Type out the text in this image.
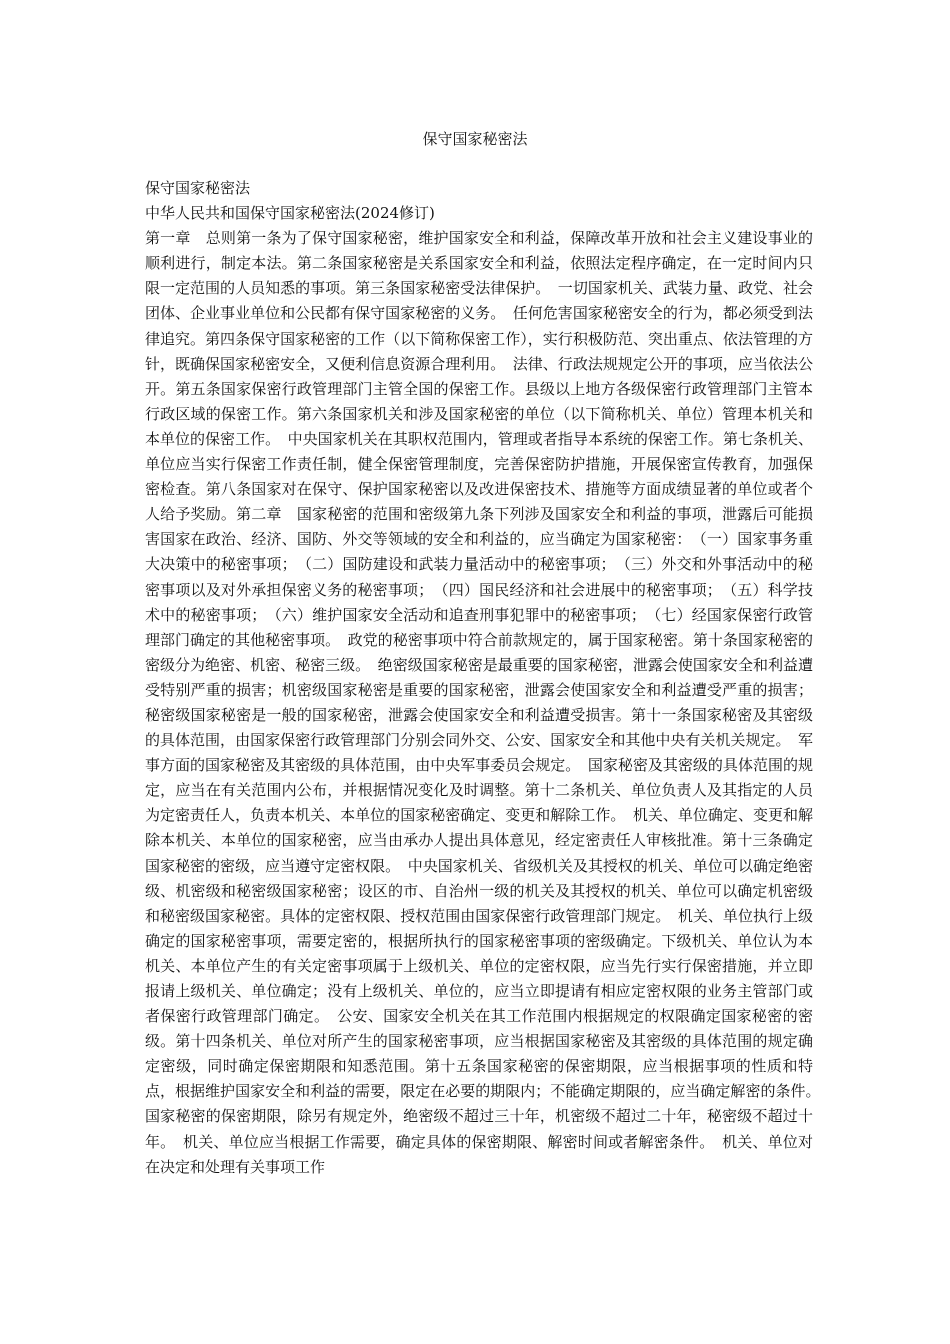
保守国家秘密法

保守国家秘密法

中华人民共和国保守国家秘密法(2024修订)

第一章　总则第一条为了保守国家秘密，维护国家安全和利益，保障改革开放和社会主义建设事业的顺利进行，制定本法。第二条国家秘密是关系国家安全和利益，依照法定程序确定，在一定时间内只限一定范围的人员知悉的事项。第三条国家秘密受法律保护。　一切国家机关、武装力量、政党、社会团体、企业事业单位和公民都有保守国家秘密的义务。　任何危害国家秘密安全的行为，都必须受到法律追究。第四条保守国家秘密的工作（以下简称保密工作），实行积极防范、突出重点、依法管理的方针，既确保国家秘密安全，又便利信息资源合理利用。　法律、行政法规规定公开的事项，应当依法公开。第五条国家保密行政管理部门主管全国的保密工作。县级以上地方各级保密行政管理部门主管本行政区域的保密工作。第六条国家机关和涉及国家秘密的单位（以下简称机关、单位）管理本机关和本单位的保密工作。　中央国家机关在其职权范围内，管理或者指导本系统的保密工作。第七条机关、单位应当实行保密工作责任制，健全保密管理制度，完善保密防护措施，开展保密宣传教育，加强保密检查。第八条国家对在保守、保护国家秘密以及改进保密技术、措施等方面成绩显著的单位或者个人给予奖励。第二章　国家秘密的范围和密级第九条下列涉及国家安全和利益的事项，泄露后可能损害国家在政治、经济、国防、外交等领域的安全和利益的，应当确定为国家秘密：　（一）国家事务重大决策中的秘密事项；　（二）国防建设和武装力量活动中的秘密事项；　（三）外交和外事活动中的秘密事项以及对外承担保密义务的秘密事项；　（四）国民经济和社会进展中的秘密事项；　（五）科学技术中的秘密事项；　（六）维护国家安全活动和追查刑事犯罪中的秘密事项；　（七）经国家保密行政管理部门确定的其他秘密事项。　政党的秘密事项中符合前款规定的，属于国家秘密。第十条国家秘密的密级分为绝密、机密、秘密三级。　绝密级国家秘密是最重要的国家秘密，泄露会使国家安全和利益遭受特别严重的损害；机密级国家秘密是重要的国家秘密，泄露会使国家安全和利益遭受严重的损害；秘密级国家秘密是一般的国家秘密，泄露会使国家安全和利益遭受损害。第十一条国家秘密及其密级的具体范围，由国家保密行政管理部门分别会同外交、公安、国家安全和其他中央有关机关规定。　军事方面的国家秘密及其密级的具体范围，由中央军事委员会规定。　国家秘密及其密级的具体范围的规定，应当在有关范围内公布，并根据情况变化及时调整。第十二条机关、单位负责人及其指定的人员为定密责任人，负责本机关、本单位的国家秘密确定、变更和解除工作。　机关、单位确定、变更和解除本机关、本单位的国家秘密，应当由承办人提出具体意见，经定密责任人审核批准。第十三条确定国家秘密的密级，应当遵守定密权限。　中央国家机关、省级机关及其授权的机关、单位可以确定绝密级、机密级和秘密级国家秘密；设区的市、自治州一级的机关及其授权的机关、单位可以确定机密级和秘密级国家秘密。具体的定密权限、授权范围由国家保密行政管理部门规定。　机关、单位执行上级确定的国家秘密事项，需要定密的，根据所执行的国家秘密事项的密级确定。下级机关、单位认为本机关、本单位产生的有关定密事项属于上级机关、单位的定密权限，应当先行实行保密措施，并立即报请上级机关、单位确定；没有上级机关、单位的，应当立即提请有相应定密权限的业务主管部门或者保密行政管理部门确定。　公安、国家安全机关在其工作范围内根据规定的权限确定国家秘密的密级。第十四条机关、单位对所产生的国家秘密事项，应当根据国家秘密及其密级的具体范围的规定确定密级，同时确定保密期限和知悉范围。第十五条国家秘密的保密期限，应当根据事项的性质和特点，根据维护国家安全和利益的需要，限定在必要的期限内；不能确定期限的，应当确定解密的条件。　国家秘密的保密期限，除另有规定外，绝密级不超过三十年，机密级不超过二十年，秘密级不超过十年。　机关、单位应当根据工作需要，确定具体的保密期限、解密时间或者解密条件。　机关、单位对在决定和处理有关事项工作
